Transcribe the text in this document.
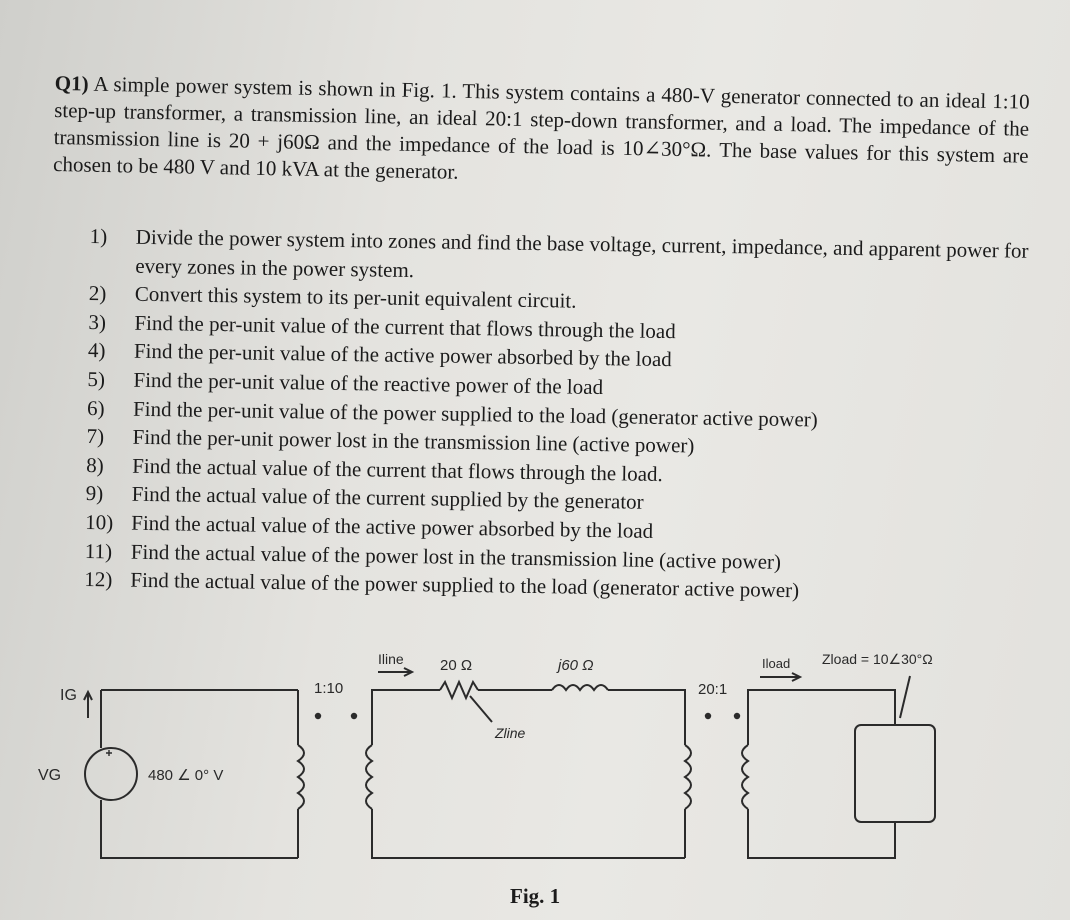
Q1) A simple power system is shown in Fig. 1. This system contains a 480-V generator connected to an ideal 1:10 step-up transformer, a transmission line, an ideal 20:1 step-down transformer, and a load. The impedance of the transmission line is 20 + j60Ω and the impedance of the load is 10∠30°Ω. The base values for this system are chosen to be 480 V and 10 kVA at the generator.
1) Divide the power system into zones and find the base voltage, current, impedance, and apparent power for every zones in the power system.
2) Convert this system to its per-unit equivalent circuit.
3) Find the per-unit value of the current that flows through the load
4) Find the per-unit value of the active power absorbed by the load
5) Find the per-unit value of the reactive power of the load
6) Find the per-unit value of the power supplied to the load (generator active power)
7) Find the per-unit power lost in the transmission line (active power)
8) Find the actual value of the current that flows through the load.
9) Find the actual value of the current supplied by the generator
10) Find the actual value of the active power absorbed by the load
11) Find the actual value of the power lost in the transmission line (active power)
12) Find the actual value of the power supplied to the load (generator active power)
IG
VG	480 ∠ 0° V
1:10
Iline 20 Ω	j60 Ω
Zline
20:1
Iload Zload = 10∠30°Ω
Fig. 1
